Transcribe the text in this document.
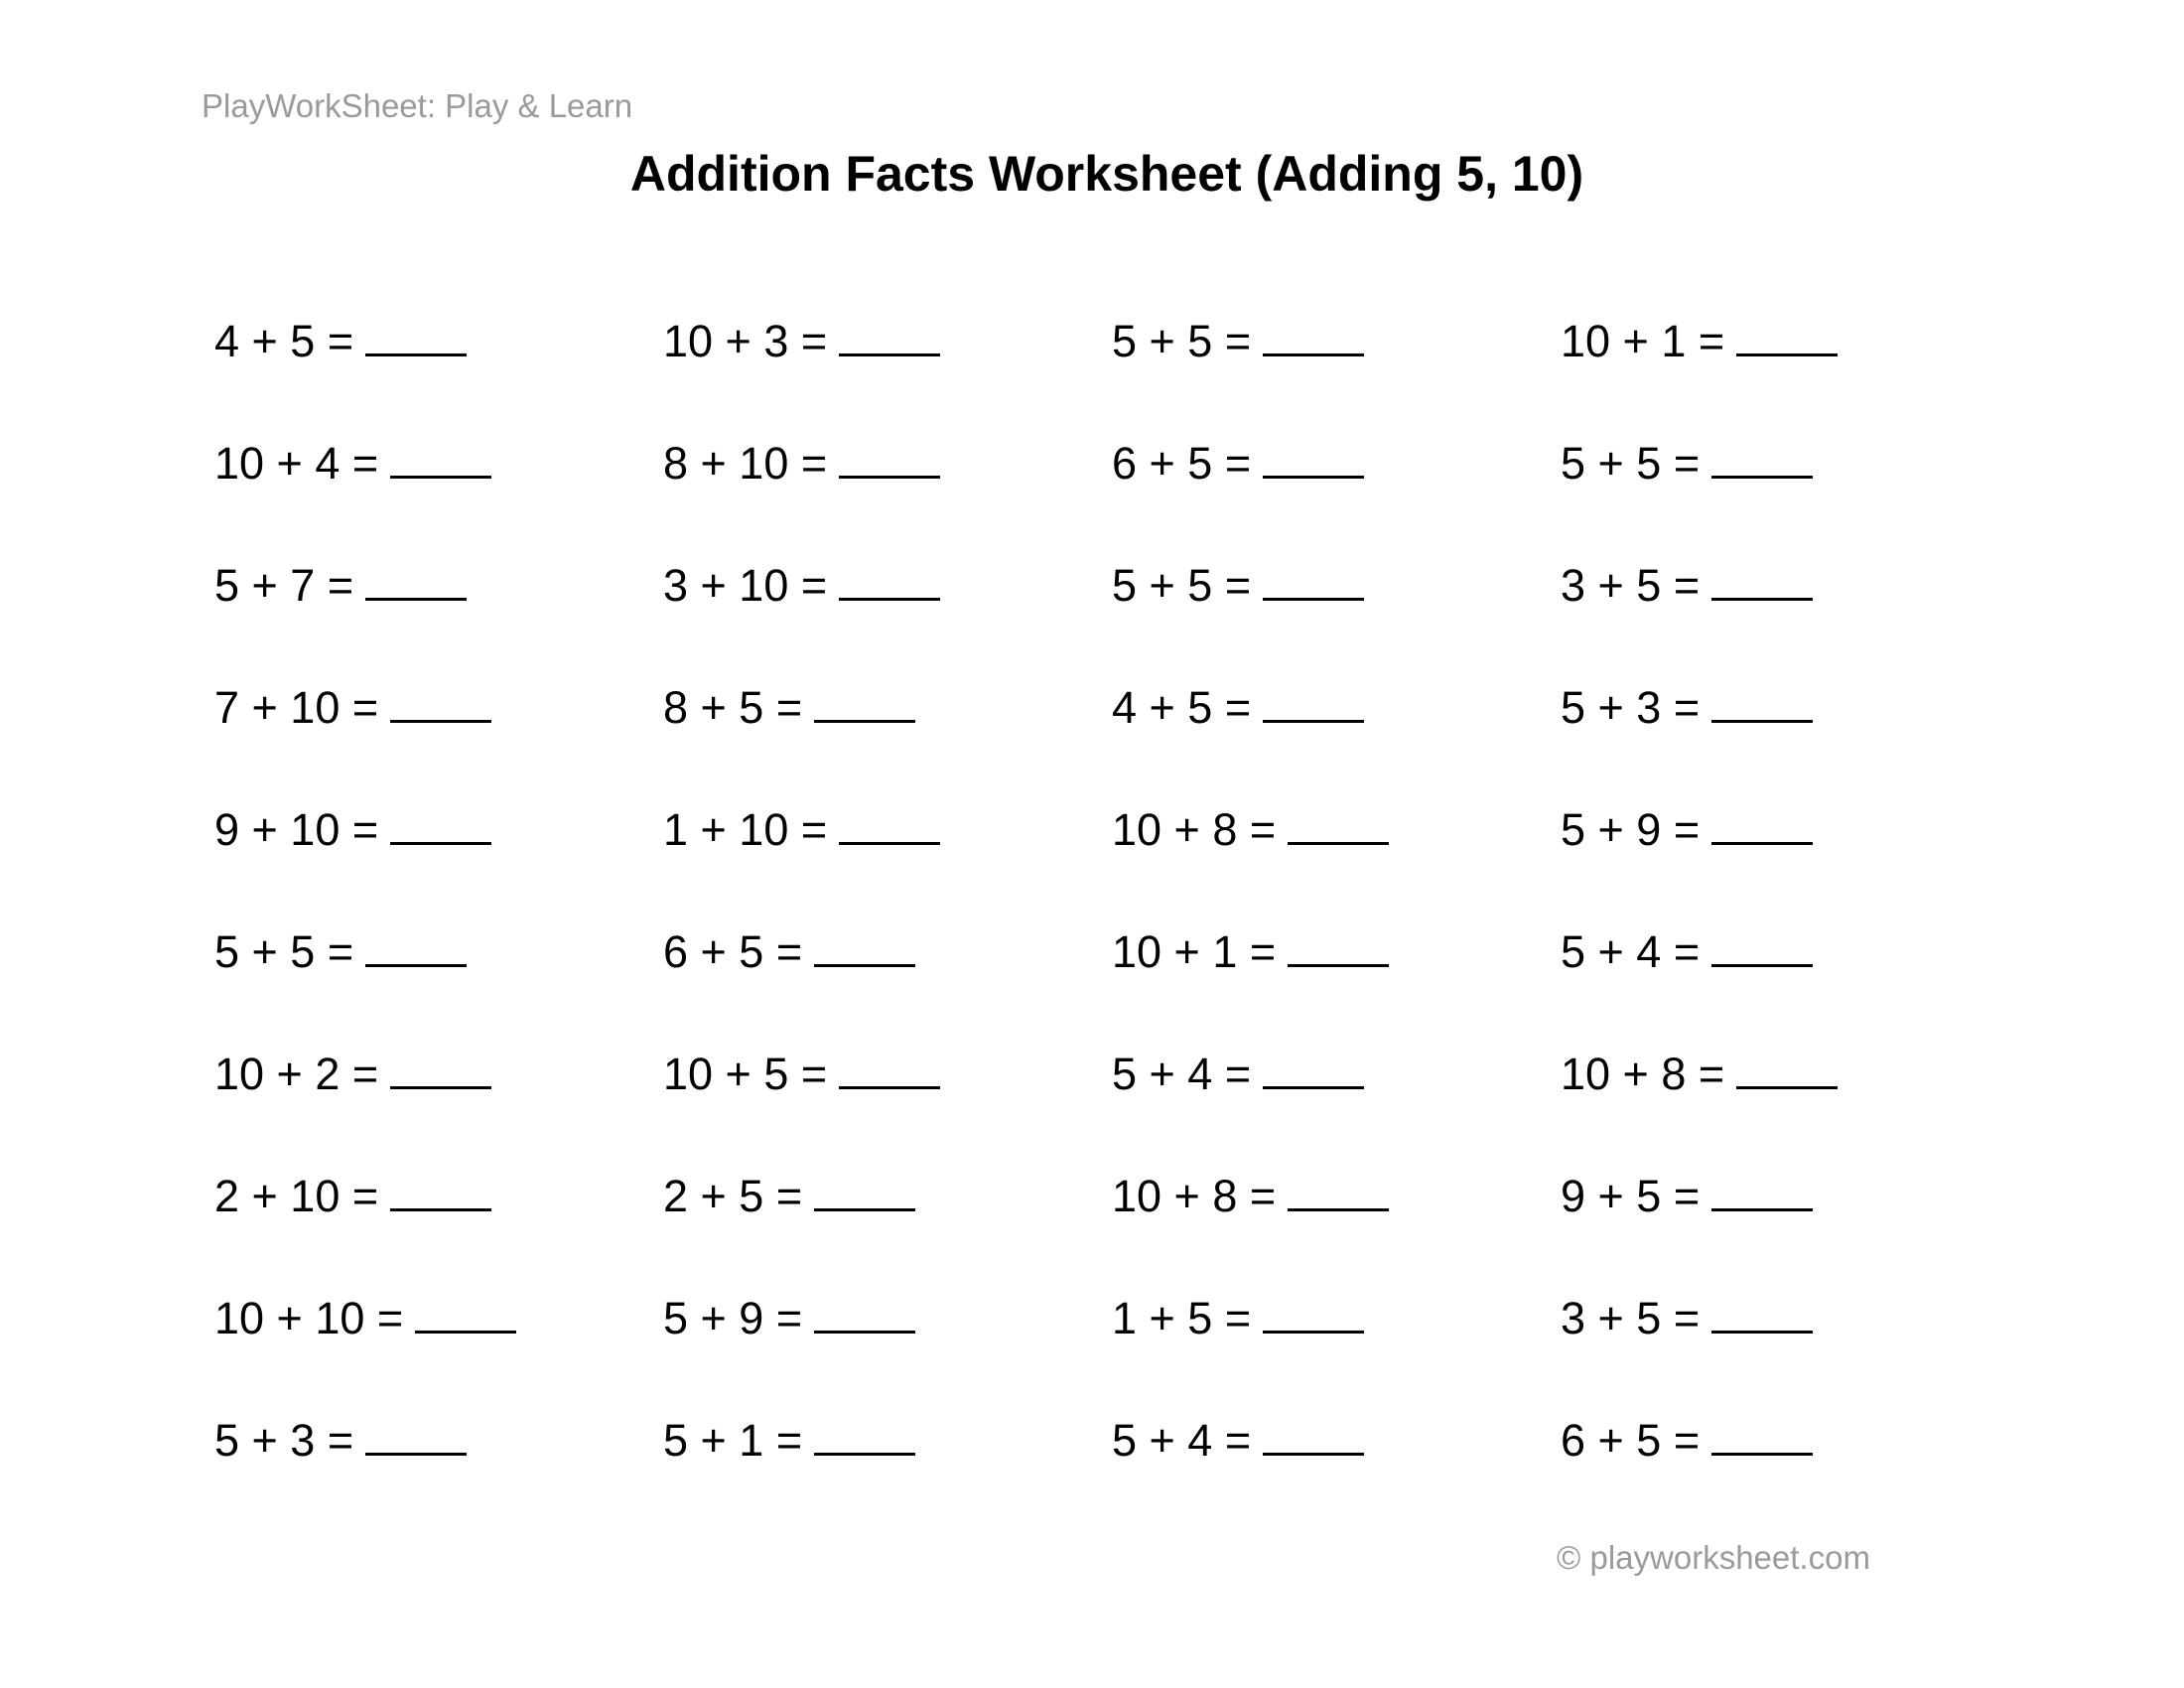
PlayWorkSheet: Play & Learn
Addition Facts Worksheet (Adding 5, 10)
4 + 5 =	10 + 3 =	5 + 5 =	10 + 1 =
10 + 4 =	8 + 10 =	6 + 5 =	5 + 5 =
5 + 7 =	3 + 10 =	5 + 5 =	3 + 5 =
7 + 10 =	8 + 5 =	4 + 5 =	5 + 3 =
9 + 10 =	1 + 10 =	10 + 8 =	5 + 9 =
5 + 5 =	6 + 5 =	10 + 1 =	5 + 4 =
10 + 2 =	10 + 5 =	5 + 4 =	10 + 8 =
2 + 10 =	2 + 5 =	10 + 8 =	9 + 5 =
10 + 10 =	5 + 9 =	1 + 5 =	3 + 5 =
5 + 3 =	5 + 1 =	5 + 4 =	6 + 5 =
© playworksheet.com
